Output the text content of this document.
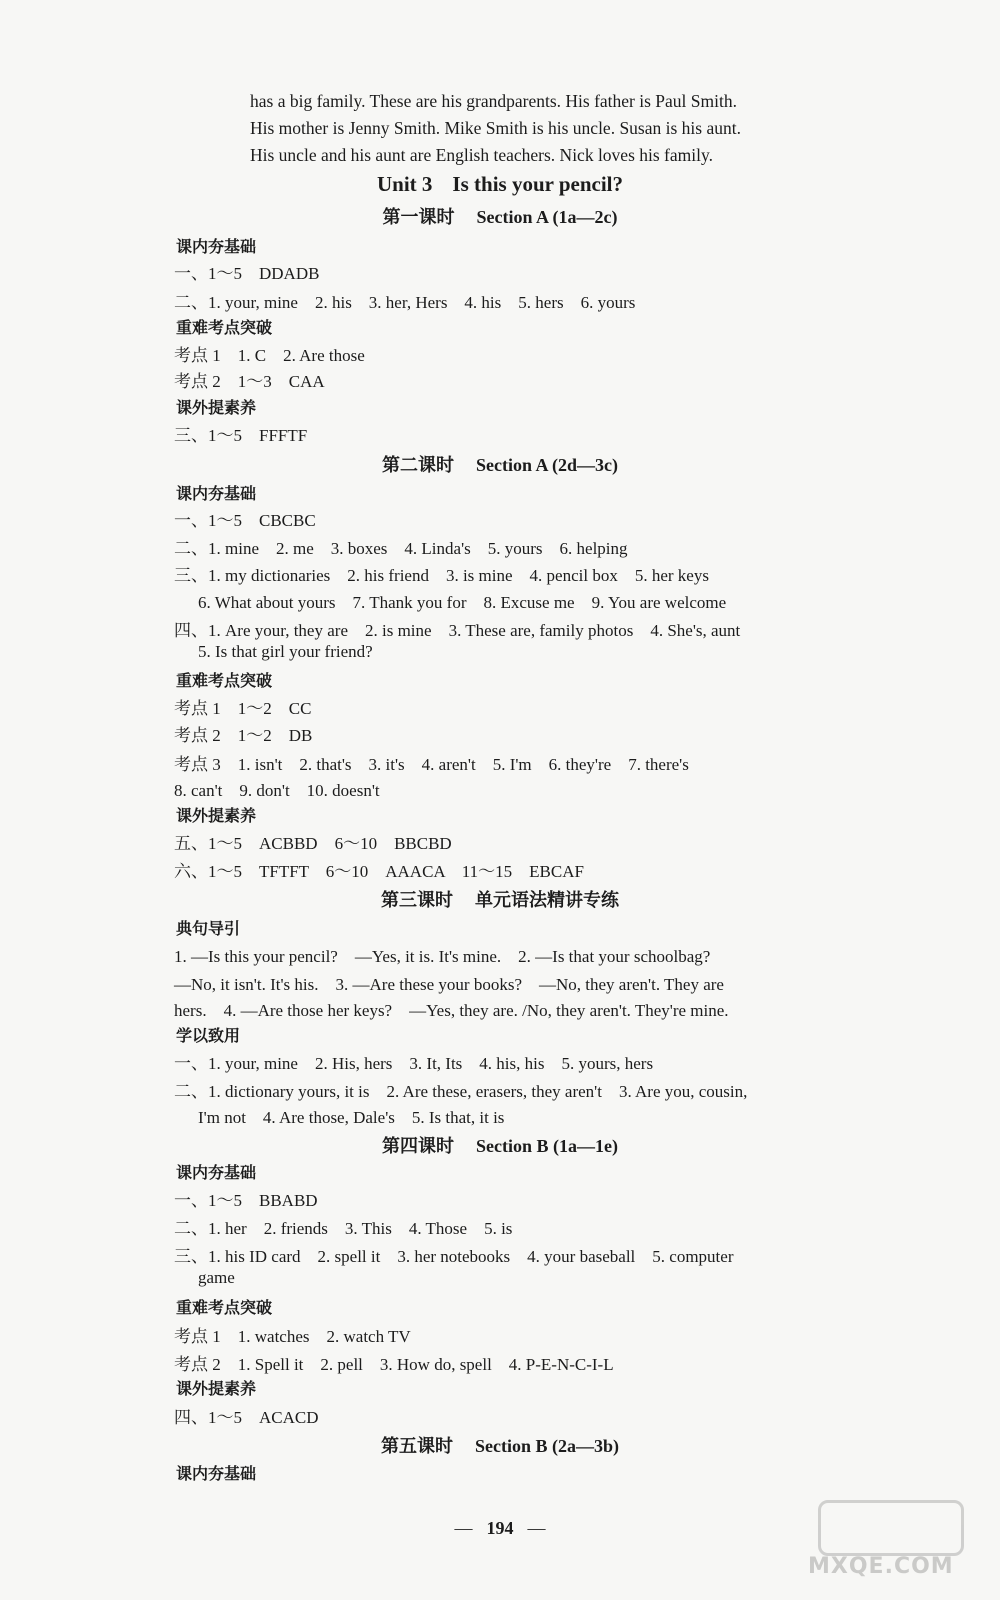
has a big family. These are his grandparents. His father is Paul Smith.
His mother is Jenny Smith. Mike Smith is his uncle. Susan is his aunt.
His uncle and his aunt are English teachers. Nick loves his family.
Unit 3 Is this your pencil?
第一课时 Section A (1a—2c)
课内夯基础
一、1～5　DDADB
二、1. your, mine　2. his　3. her, Hers　4. his　5. hers　6. yours
重难考点突破
考点 1　1. C　2. Are those
考点 2　1～3　CAA
课外提素养
三、1～5　FFFTF
第二课时 Section A (2d—3c)
课内夯基础
一、1～5　CBCBC
二、1. mine　2. me　3. boxes　4. Linda's　5. yours　6. helping
三、1. my dictionaries　2. his friend　3. is mine　4. pencil box　5. her keys
6. What about yours　7. Thank you for　8. Excuse me　9. You are welcome
四、1. Are your, they are　2. is mine　3. These are, family photos　4. She's, aunt
5. Is that girl your friend?
重难考点突破
考点 1　1～2　CC
考点 2　1～2　DB
考点 3　1. isn't　2. that's　3. it's　4. aren't　5. I'm　6. they're　7. there's
8. can't　9. don't　10. doesn't
课外提素养
五、1～5　ACBBD　6～10　BBCBD
六、1～5　TFTFT　6～10　AAACA　11～15　EBCAF
第三课时 单元语法精讲专练
典句导引
1. —Is this your pencil?　—Yes, it is. It's mine.　2. —Is that your schoolbag?
—No, it isn't. It's his.　3. —Are these your books?　—No, they aren't. They are
hers.　4. —Are those her keys?　—Yes, they are. /No, they aren't. They're mine.
学以致用
一、1. your, mine　2. His, hers　3. It, Its　4. his, his　5. yours, hers
二、1. dictionary yours, it is　2. Are these, erasers, they aren't　3. Are you, cousin,
I'm not　4. Are those, Dale's　5. Is that, it is
第四课时 Section B (1a—1e)
课内夯基础
一、1～5　BBABD
二、1. her　2. friends　3. This　4. Those　5. is
三、1. his ID card　2. spell it　3. her notebooks　4. your baseball　5. computer
game
重难考点突破
考点 1　1. watches　2. watch TV
考点 2　1. Spell it　2. pell　3. How do, spell　4. P-E-N-C-I-L
课外提素养
四、1～5　ACACD
第五课时 Section B (2a—3b)
课内夯基础
— 194 —
MXQE.COM
